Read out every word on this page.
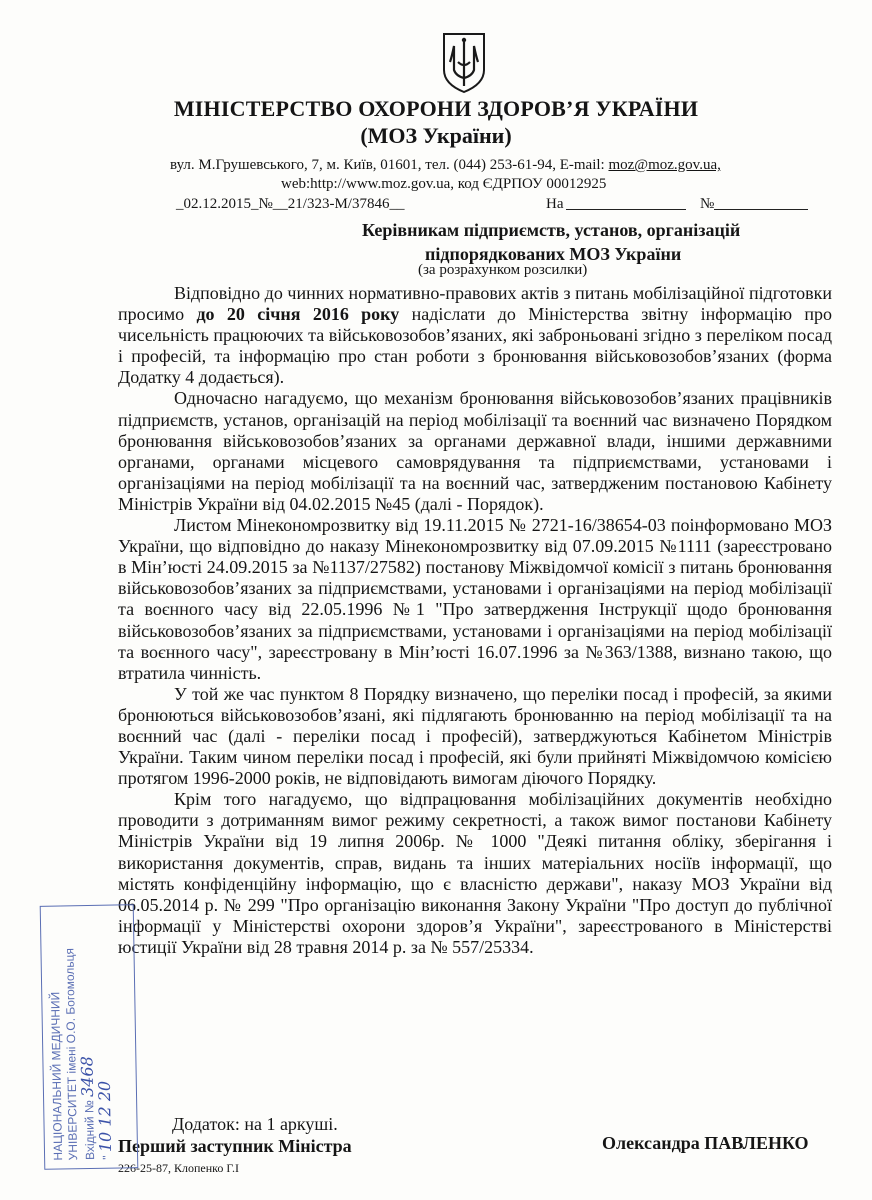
МІНІСТЕРСТВО ОХОРОНИ ЗДОРОВ’Я УКРАЇНИ
(МОЗ України)
вул. М.Грушевського, 7, м. Київ, 01601, тел. (044) 253-61-94, E-mail: moz@moz.gov.ua,
web:http://www.moz.gov.ua, код ЄДРПОУ 00012925
_02.12.2015_№__21/323-М/37846__	На	№
Керівникам підприємств, установ, організацій
підпорядкованих МОЗ України
(за розрахунком розсилки)

Відповідно до чинних нормативно-правових актів з питань мобілізаційної підготовки просимо до 20 січня 2016 року надіслати до Міністерства звітну інформацію про чисельність працюючих та військовозобов’язаних, які заброньовані згідно з переліком посад і професій, та інформацію про стан роботи з бронювання військовозобов’язаних (форма Додатку 4 додається).

Одночасно нагадуємо, що механізм бронювання військовозобов’язаних працівників підприємств, установ, організацій на період мобілізації та воєнний час визначено Порядком бронювання військовозобов’язаних за органами державної влади, іншими державними органами, органами місцевого самоврядування та підприємствами, установами і організаціями на період мобілізації та на воєнний час, затвердженим постановою Кабінету Міністрів України від 04.02.2015 №45 (далі - Порядок).

Листом Мінекономрозвитку від 19.11.2015 № 2721-16/38654-03 поінформовано МОЗ України, що відповідно до наказу Мінекономрозвитку від 07.09.2015 №1111 (зареєстровано в Мін’юсті 24.09.2015 за №1137/27582) постанову Міжвідомчої комісії з питань бронювання військовозобов’язаних за підприємствами, установами і організаціями на період мобілізації та воєнного часу від 22.05.1996 №1 "Про затвердження Інструкції щодо бронювання військовозобов’язаних за підприємствами, установами і організаціями на період мобілізації та воєнного часу", зареєстровану в Мін’юсті 16.07.1996 за №363/1388, визнано такою, що втратила чинність.

У той же час пунктом 8 Порядку визначено, що переліки посад і професій, за якими бронюються військовозобов’язані, які підлягають бронюванню на період мобілізації та на воєнний час (далі - переліки посад і професій), затверджуються Кабінетом Міністрів України. Таким чином переліки посад і професій, які були прийняті Міжвідомчою комісією протягом 1996-2000 років, не відповідають вимогам діючого Порядку.

Крім того нагадуємо, що відпрацювання мобілізаційних документів необхідно проводити з дотриманням вимог режиму секретності, а також вимог постанови Кабінету Міністрів України від 19 липня 2006р. № 1000 "Деякі питання обліку, зберігання і використання документів, справ, видань та інших матеріальних носіїв інформації, що містять конфіденційну інформацію, що є власністю держави", наказу МОЗ України від 06.05.2014 р. № 299 "Про організацію виконання Закону України "Про доступ до публічної інформації у Міністерстві охорони здоров’я України", зареєстрованого в Міністерстві юстиції України від 28 травня 2014 р. за № 557/25334.

Додаток: на 1 аркуші.
Перший заступник Міністра	Олександра ПАВЛЕНКО
226-25-87, Клопенко Г.І
НАЦІОНАЛЬНИЙ МЕДИЧНИЙ
УНІВЕРСИТЕТ імені О.О. Богомольця Вхідний № 3468
" 10 12 20
